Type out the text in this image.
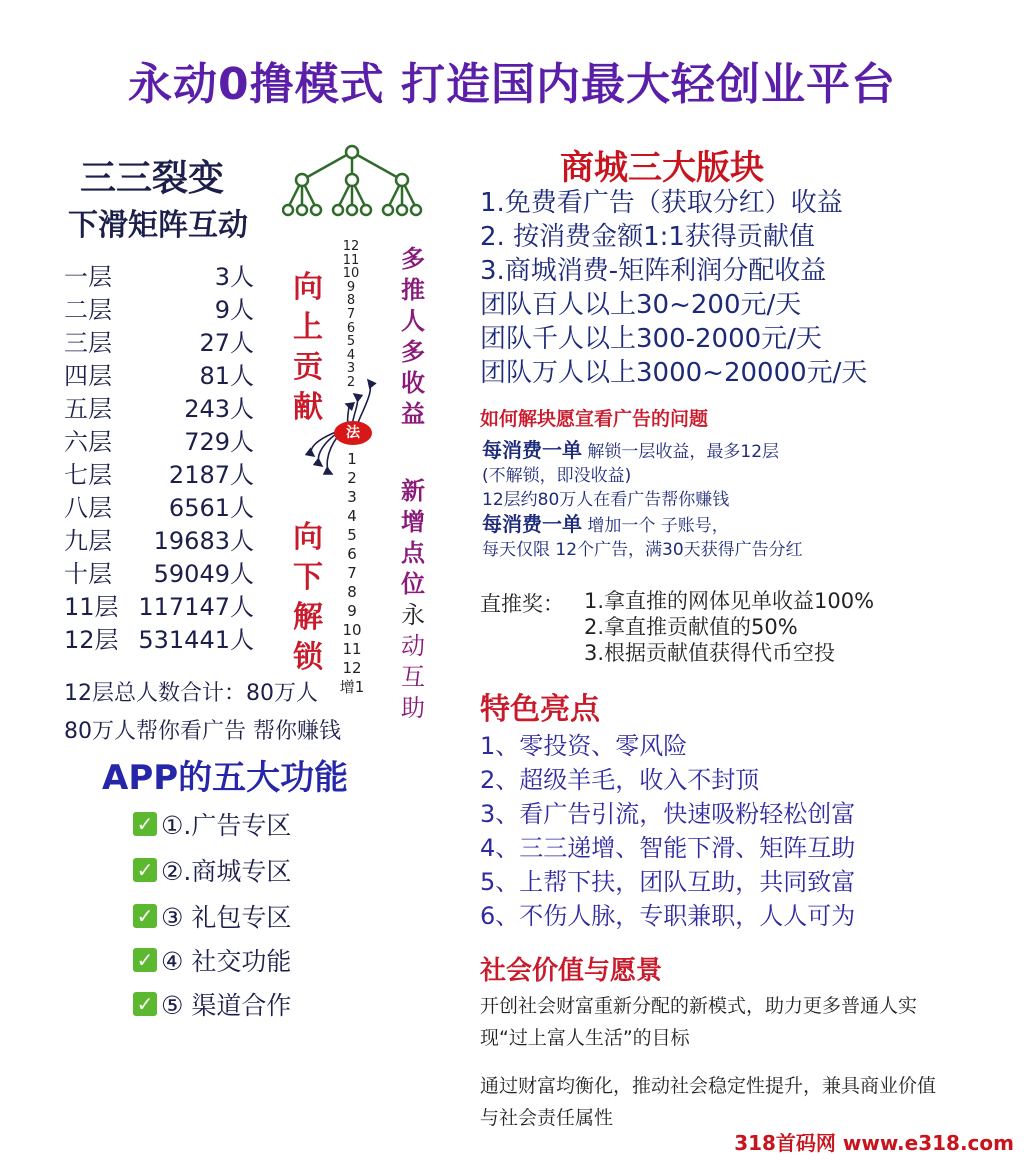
永动0撸模式 打造国内最大轻创业平台
三三裂变
下滑矩阵互动
一层	3人
二层	9人
三层	27人
四层	81人
五层	243人
六层	729人
七层 2187人
八层 6561人
九层 19683人
十层 59049人
11层 117147人
12层 531441人
向
上
贡
献
向
下
解
锁
12
11
10
9
8
7
6
5
4
3
2
1
2
3
4
5
6
7
8
9
10
11
12
增1
法
多
推
人
多
收
益
新
增
点
位
永
动
互
助
12层总人数合计：80万人
80万人帮你看广告 帮你赚钱
APP的五大功能
✓ ①.广告专区
✓ ②.商城专区
✓ ③ 礼包专区
✓ ④ 社交功能
✓ ⑤ 渠道合作
商城三大版块
1.免费看广告（获取分红）收益
2. 按消费金额1:1获得贡献值
3.商城消费-矩阵利润分配收益
团队百人以上30~200元/天
团队千人以上300-2000元/天
团队万人以上3000~20000元/天
如何解块愿宣看广告的问题
每消费一单 解锁一层收益，最多12层
(不解锁，即没收益)
12层约80万人在看广告帮你赚钱
每消费一单 增加一个 子账号，
每天仅限 12个广告，满30天获得广告分红
直推奖： 1.拿直推的网体见单收益100%
2.拿直推贡献值的50%
3.根据贡献值获得代币空投
特色亮点
1、零投资、零风险
2、超级羊毛，收入不封顶
3、看广告引流，快速吸粉轻松创富
4、三三递增、智能下滑、矩阵互助
5、上帮下扶，团队互助，共同致富
6、不伤人脉，专职兼职，人人可为
社会价值与愿景
开创社会财富重新分配的新模式，助力更多普通人实现“过上富人生活”的目标
通过财富均衡化，推动社会稳定性提升，兼具商业价值与社会责任属性
318首码网 www.e318.com
